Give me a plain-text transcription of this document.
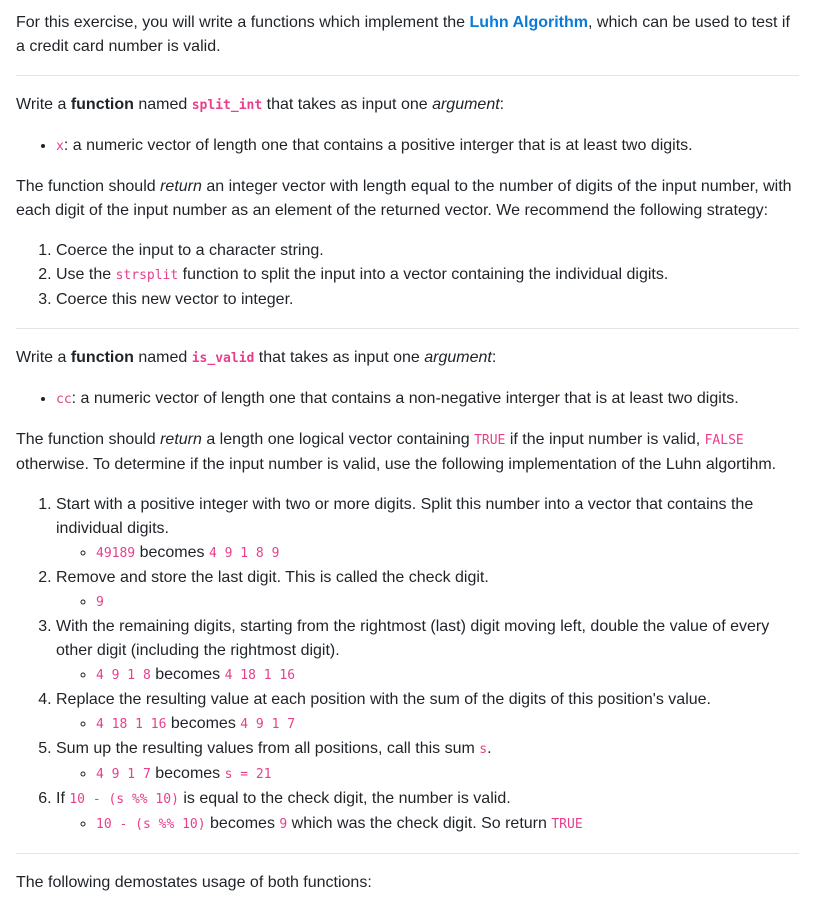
For this exercise, you will write a functions which implement the Luhn Algorithm, which can be used to test if a credit card number is valid.

Write a function named split_int that takes as input one argument:

• x: a numeric vector of length one that contains a positive interger that is at least two digits.

The function should return an integer vector with length equal to the number of digits of the input number, with each digit of the input number as an element of the returned vector. We recommend the following strategy:

1. Coerce the input to a character string.
2. Use the strsplit function to split the input into a vector containing the individual digits.
3. Coerce this new vector to integer.

Write a function named is_valid that takes as input one argument:

• cc: a numeric vector of length one that contains a non-negative interger that is at least two digits.

The function should return a length one logical vector containing TRUE if the input number is valid, FALSE otherwise. To determine if the input number is valid, use the following implementation of the Luhn algortihm.

1. Start with a positive integer with two or more digits. Split this number into a vector that contains the individual digits.
◦ 49189 becomes 4 9 1 8 9
2. Remove and store the last digit. This is called the check digit.
◦ 9
3. With the remaining digits, starting from the rightmost (last) digit moving left, double the value of every other digit (including the rightmost digit).
◦ 4 9 1 8 becomes 4 18 1 16
4. Replace the resulting value at each position with the sum of the digits of this position's value.
◦ 4 18 1 16 becomes 4 9 1 7
5. Sum up the resulting values from all positions, call this sum s.
◦ 4 9 1 7 becomes s = 21
6. If 10 - (s %% 10) is equal to the check digit, the number is valid.
◦ 10 - (s %% 10) becomes 9 which was the check digit. So return TRUE

The following demostates usage of both functions:
